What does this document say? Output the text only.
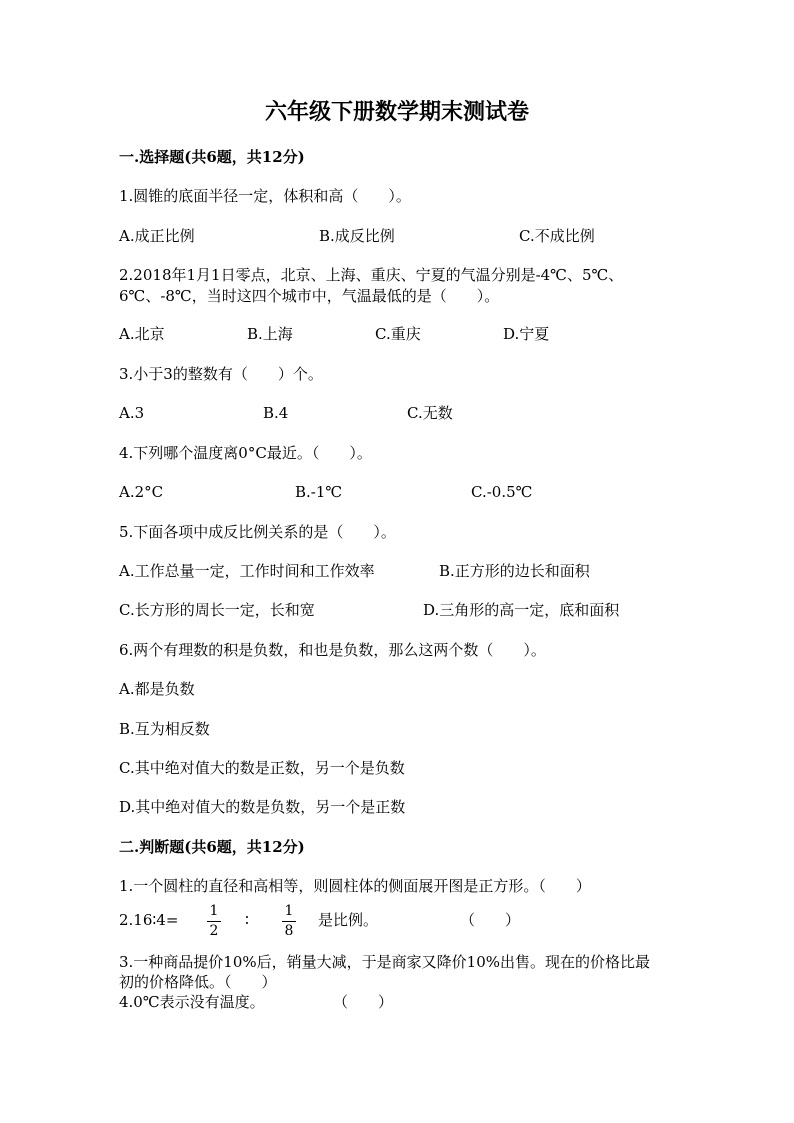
六年级下册数学期末测试卷
一.选择题(共6题，共12分)
1.圆锥的底面半径一定，体积和高（　　）。
A.成正比例	B.成反比例	C.不成比例
2.2018年1月1日零点，北京、上海、重庆、宁夏的气温分别是-4℃、5℃、
6℃、-8℃，当时这四个城市中，气温最低的是（　　）。
A.北京	B.上海	C.重庆	D.宁夏
3.小于3的整数有（　　）个。
A.3	B.4	C.无数
4.下列哪个温度离0°C最近。（　　）。
A.2°C	B.-1℃	C.-0.5℃
5.下面各项中成反比例关系的是（　　）。
A.工作总量一定，工作时间和工作效率	B.正方形的边长和面积
C.长方形的周长一定，长和宽	D.三角形的高一定，底和面积
6.两个有理数的积是负数，和也是负数，那么这两个数（　　）。
A.都是负数
B.互为相反数
C.其中绝对值大的数是正数，另一个是负数
D.其中绝对值大的数是负数，另一个是正数
二.判断题(共6题，共12分)
1.一个圆柱的直径和高相等，则圆柱体的侧面展开图是正方形。（　　）
2.16∶4= 1
2
∶	1
8
是比例。	（　　）
3.一种商品提价10%后，销量大减，于是商家又降价10%出售。现在的价格比最
初的价格降低。（　　）
4.0℃表示没有温度。	（　　）
